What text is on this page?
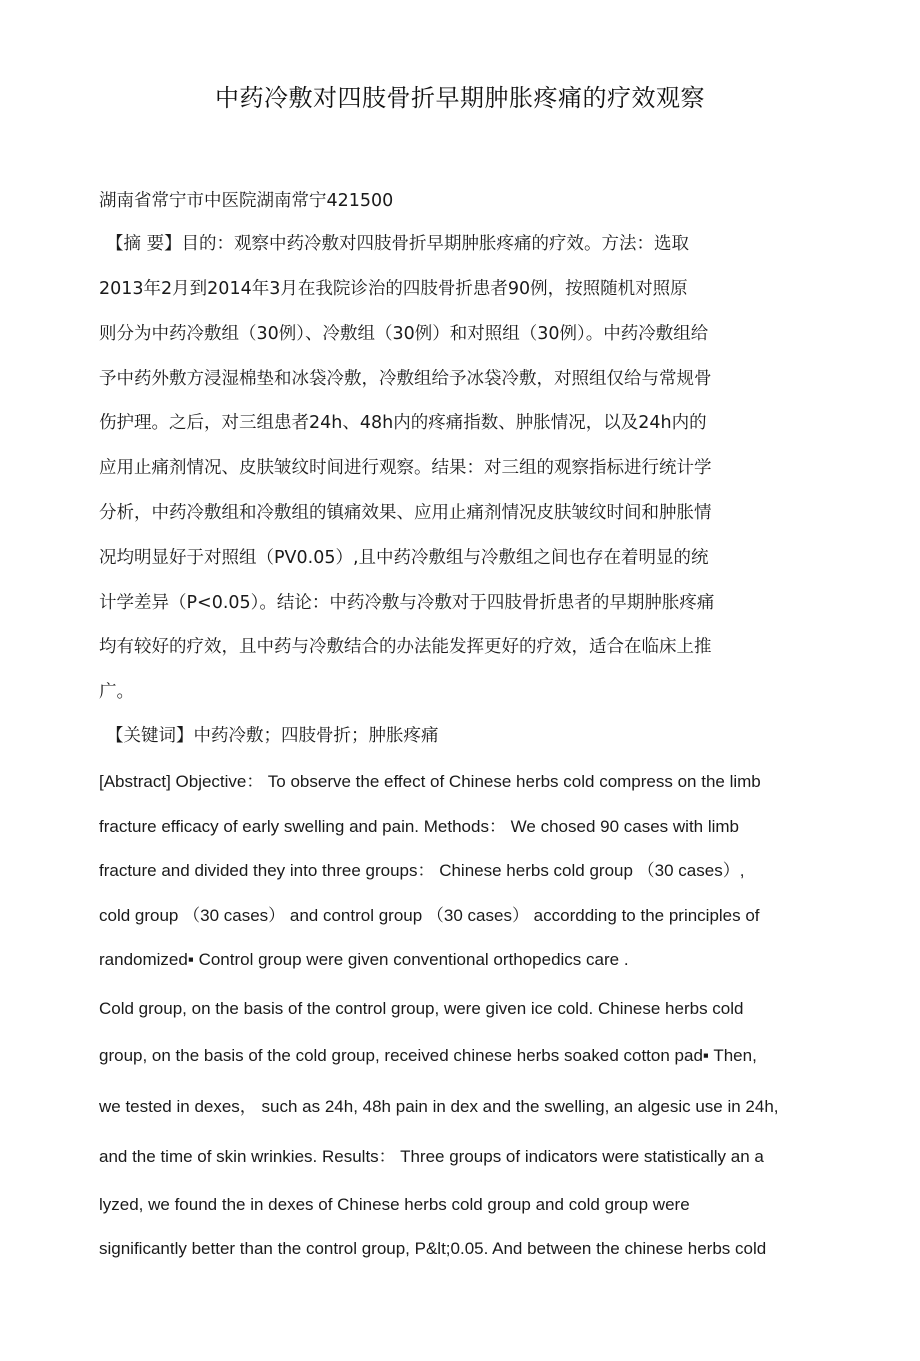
中药冷敷对四肢骨折早期肿胀疼痛的疗效观察
湖南省常宁市中医院湖南常宁421500
【摘 要】目的：观察中药冷敷对四肢骨折早期肿胀疼痛的疗效。方法：选取
2013年2月到2014年3月在我院诊治的四肢骨折患者90例，按照随机对照原
则分为中药冷敷组（30例）、冷敷组（30例）和对照组（30例）。中药冷敷组给
予中药外敷方浸湿棉垫和冰袋冷敷，冷敷组给予冰袋冷敷，对照组仅给与常规骨
伤护理。之后，对三组患者24h、48h内的疼痛指数、肿胀情况，以及24h内的
应用止痛剂情况、皮肤皱纹时间进行观察。结果：对三组的观察指标进行统计学
分析，中药冷敷组和冷敷组的镇痛效果、应用止痛剂情况皮肤皱纹时间和肿胀情
况均明显好于对照组（PV0.05）,且中药冷敷组与冷敷组之间也存在着明显的统
计学差异（P<0.05）。结论：中药冷敷与冷敷对于四肢骨折患者的早期肿胀疼痛
均有较好的疗效，且中药与冷敷结合的办法能发挥更好的疗效，适合在临床上推
广。
【关键词】中药冷敷；四肢骨折；肿胀疼痛
[Abstract] Objective： To observe the effect of Chinese herbs cold compress on the limb
fracture efficacy of early swelling and pain. Methods： We chosed 90 cases with limb
fracture and divided they into three groups： Chinese herbs cold group （30 cases）,
cold group （30 cases） and control group （30 cases） accordding to the principles of
randomized▪ Control group were given conventional orthopedics care .
Cold group, on the basis of the control group, were given ice cold. Chinese herbs cold
group, on the basis of the cold group, received chinese herbs soaked cotton pad▪ Then,
we tested in dexes， such as 24h, 48h pain in dex and the swelling, an algesic use in 24h,
and the time of skin wrinkies. Results： Three groups of indicators were statistically an a
lyzed, we found the in dexes of Chinese herbs cold group and cold group were
significantly better than the control group, P&lt;0.05. And between the chinese herbs cold
